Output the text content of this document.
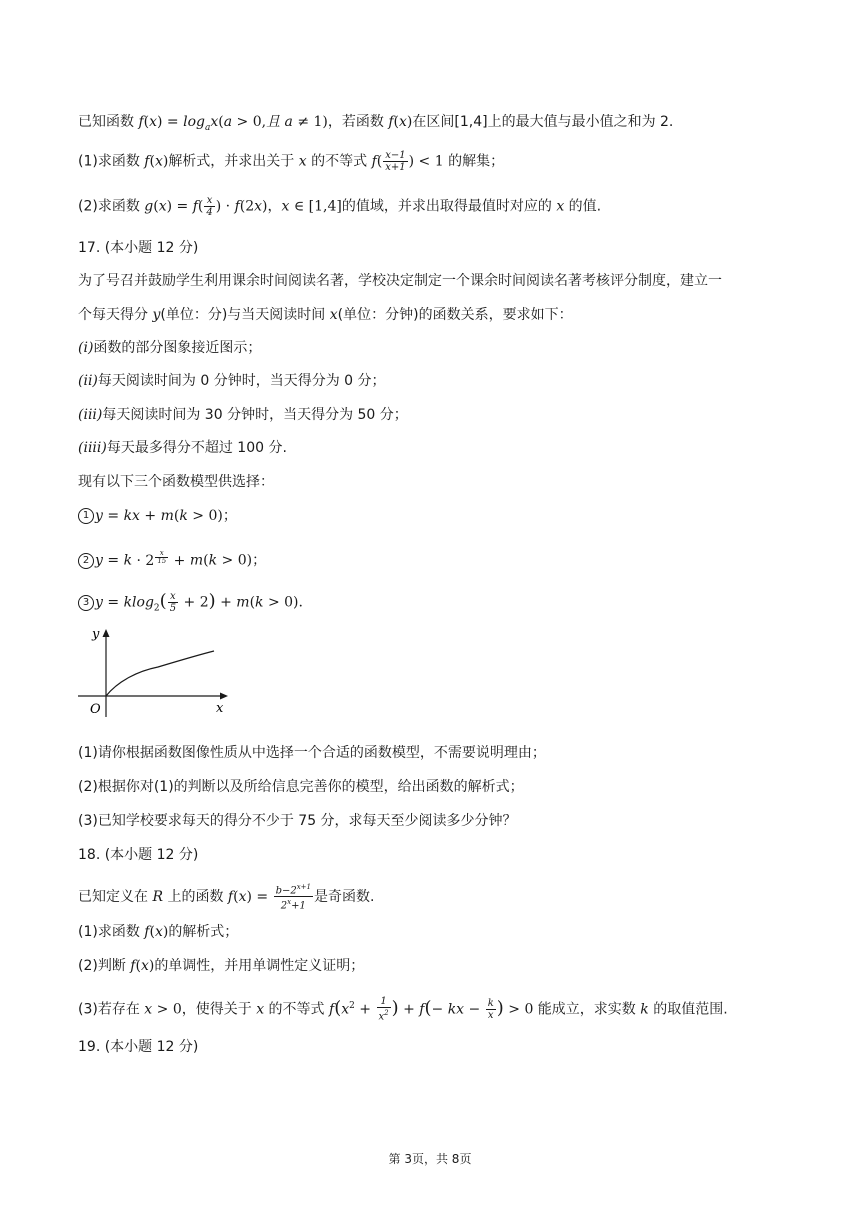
已知函数 $f(x) = \log_ax(a > 0$,且 a ≠ 1)，若函数 f(x)在区间[1,4]上的最大值与最小值之和为 2.
(1)求函数 f(x)解析式，并求出关于 x 的不等式 $f( \frac{x-1}{x+1}$ ) < 1 的解集；
(2)求函数 $g(x) = f( \frac{x}{4}$ ) · f(2x)，x ∈ [1,4]的值域，并求出取得最值时对应的 x 的值.
17. (本小题 12 分)
为了号召并鼓励学生利用课余时间阅读名著，学校决定制定一个课余时间阅读名著考核评分制度，建立一
个每天得分 y(单位：分)与当天阅读时间 x(单位：分钟)的函数关系，要求如下：
(i)函数的部分图象接近图示；
(ii)每天阅读时间为 0 分钟时，当天得分为 0 分；
(iii)每天阅读时间为 30 分钟时，当天得分为 50 分；
(iiii)每天最多得分不超过 100 分.
现有以下三个函数模型供选择：
1 y = kx + m(k > 0)；
2 y = k · 2 $^{\frac{x}{15}}$ + m(k > 0)；
3 $y = klog_2( \frac{x}{5} + 2) + m(k > 0)$.
y
x
O
(1)请你根据函数图像性质从中选择一个合适的函数模型，不需要说明理由；
(2)根据你对(1)的判断以及所给信息完善你的模型，给出函数的解析式；
(3)已知学校要求每天的得分不少于 75 分，求每天至少阅读多少分钟？
18. (本小题 12 分)
已知定义在 R 上的函数 $f(x) = \frac{b-2^{x+1}}{2^x+1}$ 是奇函数.
(1)求函数 f(x)的解析式；
(2)判断 f(x)的单调性，并用单调性定义证明；
(3)若存在 x > 0，使得关于 x 的不等式 $f(x^2 + \frac{1}{x^2}$ ) + f(− kx − $\frac{k}{x}$ ) > 0 能成立，求实数 k 的取值范围.
19. (本小题 12 分)
第 3页，共 8页
